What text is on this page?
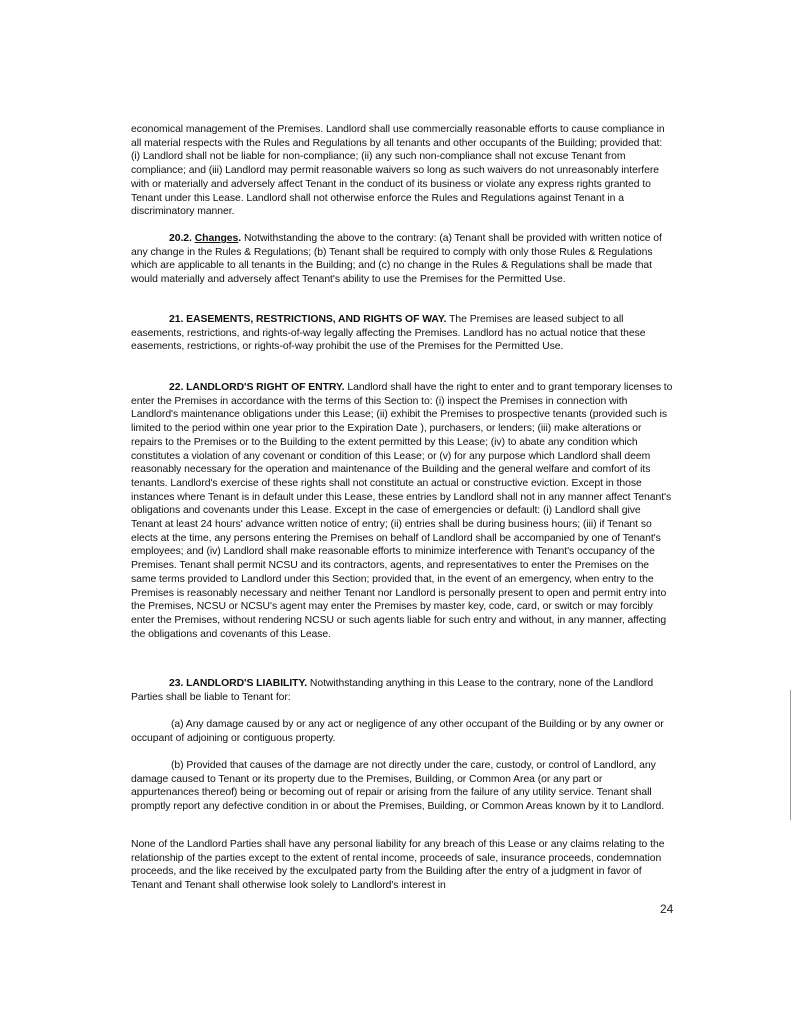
economical management of the Premises. Landlord shall use commercially reasonable efforts to cause compliance in all material respects with the Rules and Regulations by all tenants and other occupants of the Building; provided that: (i) Landlord shall not be liable for non-compliance; (ii) any such non-compliance shall not excuse Tenant from compliance; and (iii) Landlord may permit reasonable waivers so long as such waivers do not unreasonably interfere with or materially and adversely affect Tenant in the conduct of its business or violate any express rights granted to Tenant under this Lease. Landlord shall not otherwise enforce the Rules and Regulations against Tenant in a discriminatory manner.
20.2. Changes. Notwithstanding the above to the contrary: (a) Tenant shall be provided with written notice of any change in the Rules & Regulations; (b) Tenant shall be required to comply with only those Rules & Regulations which are applicable to all tenants in the Building; and (c) no change in the Rules & Regulations shall be made that would materially and adversely affect Tenant's ability to use the Premises for the Permitted Use.
21. EASEMENTS, RESTRICTIONS, AND RIGHTS OF WAY. The Premises are leased subject to all easements, restrictions, and rights-of-way legally affecting the Premises. Landlord has no actual notice that these easements, restrictions, or rights-of-way prohibit the use of the Premises for the Permitted Use.
22. LANDLORD'S RIGHT OF ENTRY. Landlord shall have the right to enter and to grant temporary licenses to enter the Premises in accordance with the terms of this Section to: (i) inspect the Premises in connection with Landlord's maintenance obligations under this Lease; (ii) exhibit the Premises to prospective tenants (provided such is limited to the period within one year prior to the Expiration Date ), purchasers, or lenders; (iii) make alterations or repairs to the Premises or to the Building to the extent permitted by this Lease; (iv) to abate any condition which constitutes a violation of any covenant or condition of this Lease; or (v) for any purpose which Landlord shall deem reasonably necessary for the operation and maintenance of the Building and the general welfare and comfort of its tenants. Landlord's exercise of these rights shall not constitute an actual or constructive eviction. Except in those instances where Tenant is in default under this Lease, these entries by Landlord shall not in any manner affect Tenant's obligations and covenants under this Lease. Except in the case of emergencies or default: (i) Landlord shall give Tenant at least 24 hours' advance written notice of entry; (ii) entries shall be during business hours; (iii) if Tenant so elects at the time, any persons entering the Premises on behalf of Landlord shall be accompanied by one of Tenant's employees; and (iv) Landlord shall make reasonable efforts to minimize interference with Tenant's occupancy of the Premises. Tenant shall permit NCSU and its contractors, agents, and representatives to enter the Premises on the same terms provided to Landlord under this Section; provided that, in the event of an emergency, when entry to the Premises is reasonably necessary and neither Tenant nor Landlord is personally present to open and permit entry into the Premises, NCSU or NCSU's agent may enter the Premises by master key, code, card, or switch or may forcibly enter the Premises, without rendering NCSU or such agents liable for such entry and without, in any manner, affecting the obligations and covenants of this Lease.
23. LANDLORD'S LIABILITY. Notwithstanding anything in this Lease to the contrary, none of the Landlord Parties shall be liable to Tenant for:
(a) Any damage caused by or any act or negligence of any other occupant of the Building or by any owner or occupant of adjoining or contiguous property.
(b) Provided that causes of the damage are not directly under the care, custody, or control of Landlord, any damage caused to Tenant or its property due to the Premises, Building, or Common Area (or any part or appurtenances thereof) being or becoming out of repair or arising from the failure of any utility service. Tenant shall promptly report any defective condition in or about the Premises, Building, or Common Areas known by it to Landlord.
None of the Landlord Parties shall have any personal liability for any breach of this Lease or any claims relating to the relationship of the parties except to the extent of rental income, proceeds of sale, insurance proceeds, condemnation proceeds, and the like received by the exculpated party from the Building after the entry of a judgment in favor of Tenant and Tenant shall otherwise look solely to Landlord's interest in
24
